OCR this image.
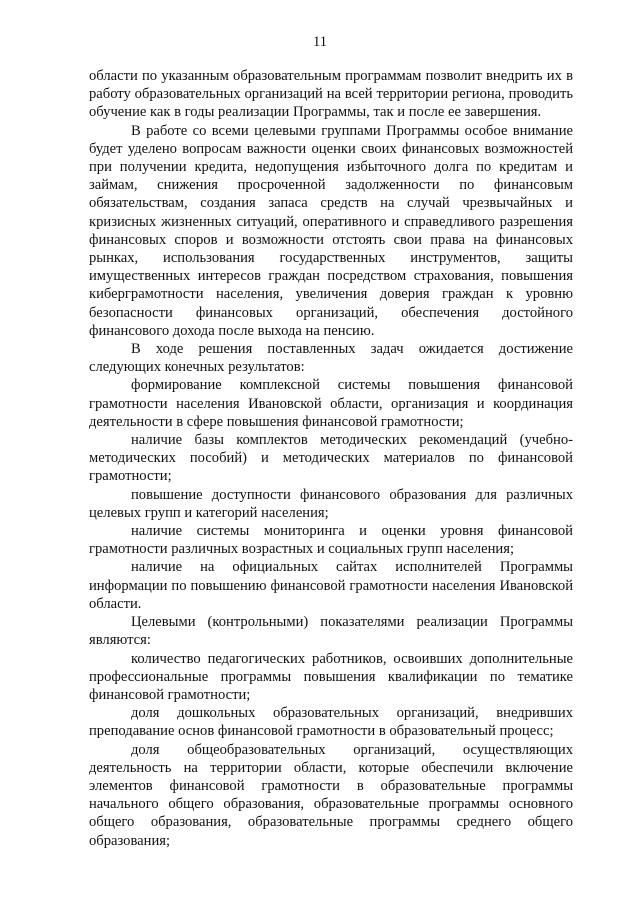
11

области по указанным образовательным программам позволит внедрить их в работу образовательных организаций на всей территории региона, проводить обучение как в годы реализации Программы, так и после ее завершения.

В работе со всеми целевыми группами Программы особое внимание будет уделено вопросам важности оценки своих финансовых возможностей при получении кредита, недопущения избыточного долга по кредитам и займам, снижения просроченной задолженности по финансовым обязательствам, создания запаса средств на случай чрезвычайных и кризисных жизненных ситуаций, оперативного и справедливого разрешения финансовых споров и возможности отстоять свои права на финансовых рынках, использования государственных инструментов, защиты имущественных интересов граждан посредством страхования, повышения киберграмотности населения, увеличения доверия граждан к уровню безопасности финансовых организаций, обеспечения достойного финансового дохода после выхода на пенсию.

В ходе решения поставленных задач ожидается достижение следующих конечных результатов:

формирование комплексной системы повышения финансовой грамотности населения Ивановской области, организация и координация деятельности в сфере повышения финансовой грамотности;

наличие базы комплектов методических рекомендаций (учебно-методических пособий) и методических материалов по финансовой грамотности;

повышение доступности финансового образования для различных целевых групп и категорий населения;

наличие системы мониторинга и оценки уровня финансовой грамотности различных возрастных и социальных групп населения;

наличие на официальных сайтах исполнителей Программы информации по повышению финансовой грамотности населения Ивановской области.

Целевыми (контрольными) показателями реализации Программы являются:

количество педагогических работников, освоивших дополнительные профессиональные программы повышения квалификации по тематике финансовой грамотности;

доля дошкольных образовательных организаций, внедривших преподавание основ финансовой грамотности в образовательный процесс;

доля общеобразовательных организаций, осуществляющих деятельность на территории области, которые обеспечили включение элементов финансовой грамотности в образовательные программы начального общего образования, образовательные программы основного общего образования, образовательные программы среднего общего образования;
